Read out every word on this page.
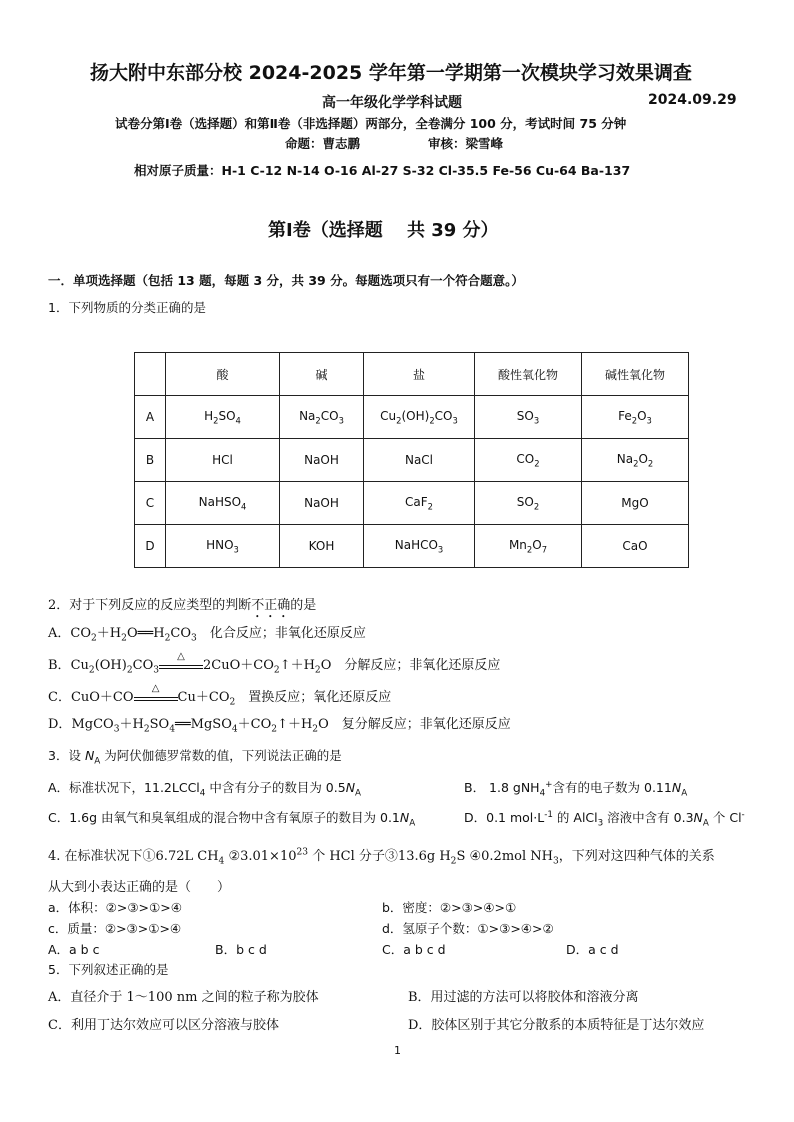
扬大附中东部分校 2024-2025 学年第一学期第一次模块学习效果调查
高一年级化学学科试题	2024.09.29
试卷分第Ⅰ卷（选择题）和第Ⅱ卷（非选择题）两部分，全卷满分 100 分，考试时间 75 分钟
命题：曹志鹏	审核：梁雪峰
相对原子质量：H-1 C-12 N-14 O-16 Al-27 S-32 Cl-35.5 Fe-56 Cu-64 Ba-137
第Ⅰ卷（选择题　 共 39 分）
一．单项选择题（包括 13 题，每题 3 分，共 39 分。每题选项只有一个符合题意。）
1．下列物质的分类正确的是
	酸	碱	盐	酸性氧化物	碱性氧化物
A	$H_2SO_4$	$Na_2CO_3$	$Cu_2(OH)_2CO_3$	$SO_3$	$Fe_2O_3$
B	HCl	NaOH	NaCl	$CO_2$	$Na_2O_2$
C	NaHSO$_4$	NaOH	CaF$_2$	$SO_2$	MgO
D	$HNO_3$	KOH	NaHCO$_3$	$Mn_2O_7$	CaO
2．对于下列反应的反应类型的判断不正确的是
A．$CO_2+H_2O══H_2CO_3$　 化合反应；非氧化还原反应
B．$Cu_2(OH)_2CO_3$
△
$2CuO+CO_2↑+H_2O$　分解反应；非氧化还原反应
C．CuO＋CO
△
$Cu+CO_2$　 置换反应；氧化还原反应
D．$MgCO_3+H_2SO_4══MgSO_4+CO_2↑+H_2O$　复分解反应；非氧化还原反应
3．设 $N_A$ 为阿伏伽德罗常数的值，下列说法正确的是
A．标准状况下，11.2LCCl$_4$ 中含有分子的数目为 $0.5N_A$	B． 1.8 gNH$_4$+含有的电子数为 $0.11N_A$
C．1.6g 由氧气和臭氧组成的混合物中含有氧原子的数目为 $0.1N_A$	D．0.1 $mol\cdot L^{-1}$ 的 AlCl$_3$ 溶液中含有 $0.3N_A$ 个 Cl-
4. 在标准状况下①6.72L $CH_4$ $②3.01\times 10^{23}$ 个 HCl 分子③13.6g $H_2S$ ④0.2mol $NH_3$，下列对这四种气体的关系
从大到小表达正确的是（　　）
a．体积：②>③>①>④	b．密度：②>③>④>①
c．质量：②>③>①>④	d．氢原子个数：①>③>④>②
A．a b c	B．b c d	C．a b c d	D．a c d
5．下列叙述正确的是
A．直径介于 1～100 nm 之间的粒子称为胶体	B．用过滤的方法可以将胶体和溶液分离
C．利用丁达尔效应可以区分溶液与胶体	D．胶体区别于其它分散系的本质特征是丁达尔效应
1
